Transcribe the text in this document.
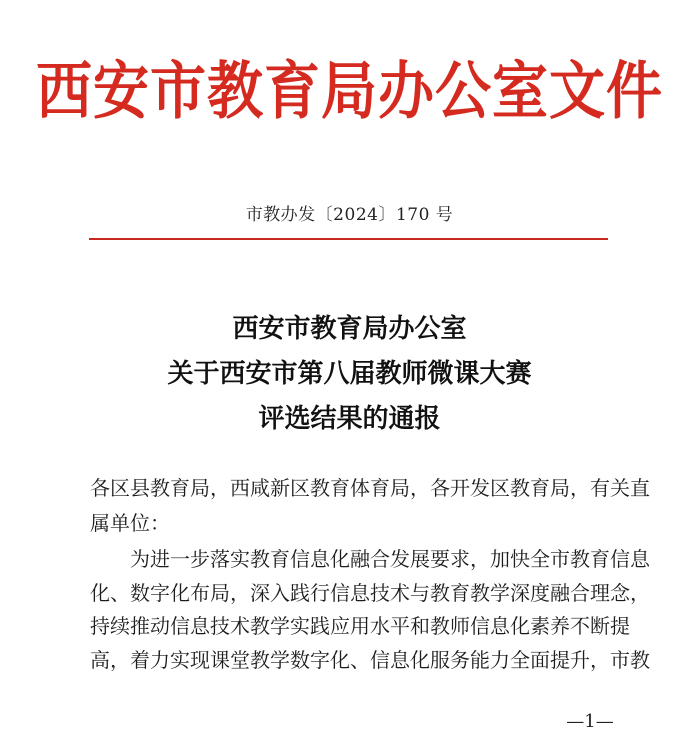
西安市教育局办公室文件
市教办发〔2024〕170 号
西安市教育局办公室
关于西安市第八届教师微课大赛
评选结果的通报
各区县教育局，西咸新区教育体育局，各开发区教育局，有关直
属单位：
为进一步落实教育信息化融合发展要求，加快全市教育信息
化、数字化布局，深入践行信息技术与教育教学深度融合理念，
持续推动信息技术教学实践应用水平和教师信息化素养不断提
高，着力实现课堂教学数字化、信息化服务能力全面提升，市教
—1—
